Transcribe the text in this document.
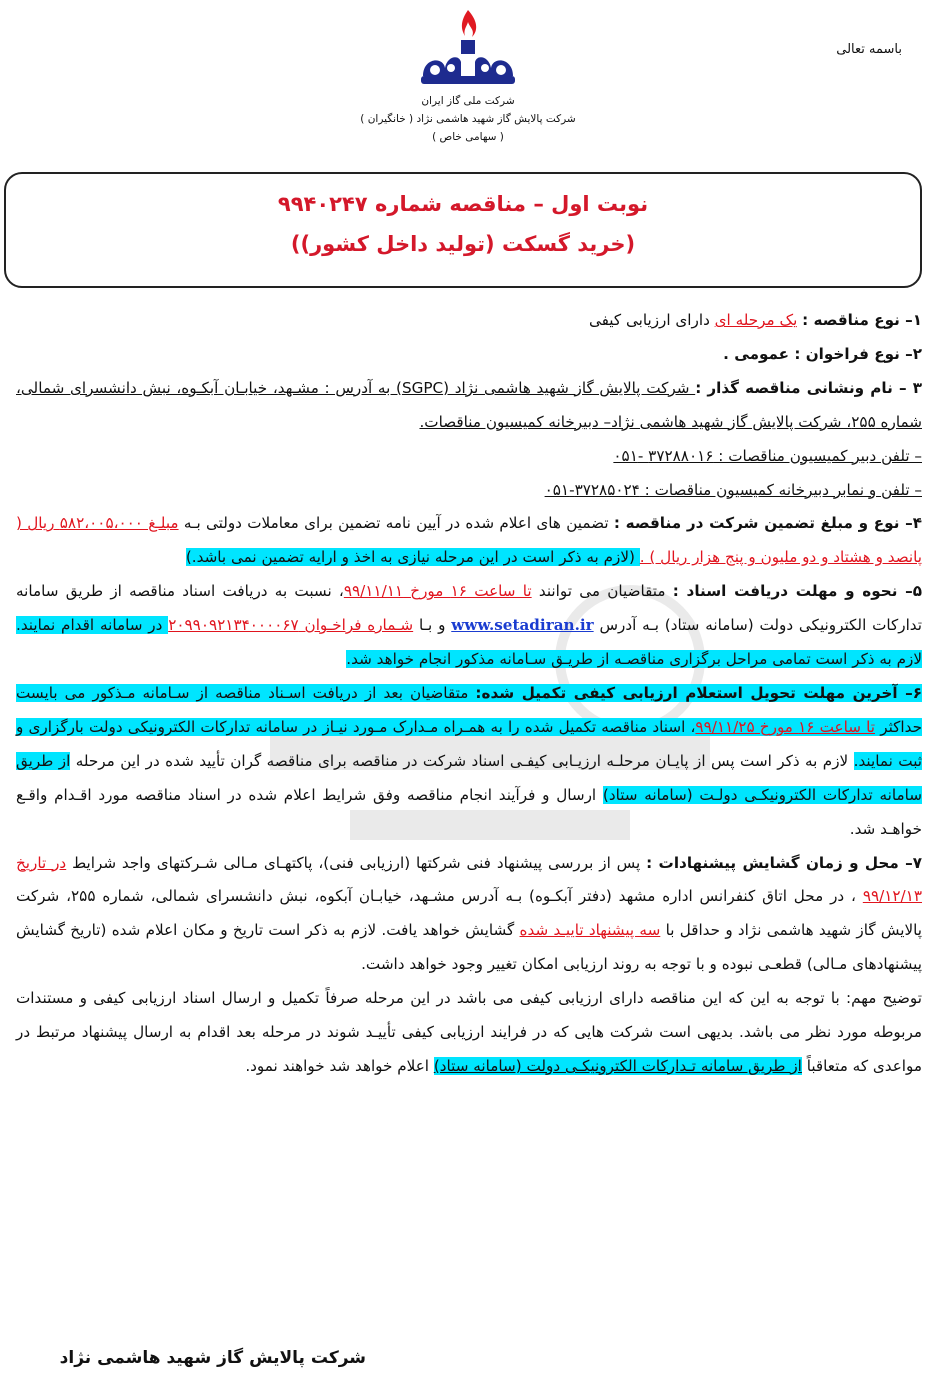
باسمه تعالی
شرکت ملی گاز ایران
شرکت پالایش گاز شهید هاشمی نژاد ( خانگیران )
( سهامی خاص )
نوبت اول – مناقصه شماره ۹۹۴۰۲۴۷
(خرید گسکت (تولید داخل کشور))
۱– نوع مناقصه : یک مرحله ای دارای ارزیابی کیفی
۲– نوع فراخوان : عمومی .
۳ – نام ونشانی مناقصه گذار : شرکت پالایش گاز شهید هاشمی نژاد (SGPC) به آدرس : مشـهد، خیابـان آبکـوه، نبش دانشسرای شمالی، شماره ۲۵۵، شرکت پالایش گاز شهید هاشمی نژاد– دبیرخانه کمیسیون مناقصات.
– تلفن دبیر کمیسیون مناقصات : ۳۷۲۸۸۰۱۶ -۰۵۱
– تلفن و نمابر دبیرخانه کمیسیون مناقصات : ۳۷۲۸۵۰۲۴-۰۵۱
۴– نوع و مبلغ تضمین شرکت در مناقصه : تضمین های اعلام شده در آیین نامه تضمین برای معاملات دولتی بـه مبلـغ ۵۸۲،۰۰۵،۰۰۰ ریال ( پانصد و هشتاد و دو ملیون و پنج هزار ریال ) . (لازم به ذکر است در این مرحله نیازی به اخذ و ارایه تضمین نمی باشد.)
۵– نحوه و مهلت دریافت اسناد : متقاضیان می توانند تا ساعت ۱۶ مورخ ۹۹/۱۱/۱۱، نسبت به دریافت اسناد مناقصه از طریق سامانه تدارکات الکترونیکی دولت (سامانه ستاد) بـه آدرس www.setadiran.ir و بـا شـماره فراخـوان ۲۰۹۹۰۹۲۱۳۴۰۰۰۰۶۷ در سامانه اقدام نمایند. لازم به ذکر است تمامی مراحل برگزاری مناقصـه از طریـق سـامانه مذکور انجام خواهد شد.
۶– آخرین مهلت تحویل استعلام ارزیابی کیفی تکمیل شده: متقاضیان بعد از دریافت اسـناد مناقصه از سـامانه مـذکور می بایست حداکثر تا ساعت ۱۶ مورخ ۹۹/۱۱/۲۵، اسناد مناقصه تکمیل شده را به همـراه مـدارک مـورد نیـاز در سامانه تدارکات الکترونیکی دولت بارگزاری و ثبت نمایند. لازم به ذکر است پس از پایـان مرحلـه ارزیـابی کیفـی اسناد شرکت در مناقصه برای مناقصه گران تأیید شده در این مرحله از طریق سامانه تدارکات الکترونیکـی دولـت (سامانه ستاد) ارسال و فرآیند انجام مناقصه وفق شرایط اعلام شده در اسناد مناقصه مورد اقـدام واقـع خواهـد شد.
۷– محل و زمان گشایش پیشنهادات : پس از بررسی پیشنهاد فنی شرکتها (ارزیابی فنی)، پاکتهـای مـالی شـرکتهای واجد شرایط در تاریخ ۹۹/۱۲/۱۳ ، در محل اتاق کنفرانس اداره مشهد (دفتر آبکـوه) بـه آدرس مشـهد، خیابـان آبکوه، نبش دانشسرای شمالی، شماره ۲۵۵، شرکت پالایش گاز شهید هاشمی نژاد و حداقل با سه پیشنهاد تاییـد شده گشایش خواهد یافت. لازم به ذکر است تاریخ و مکان اعلام شده (تاریخ گشایش پیشنهادهای مـالی) قطعـی نبوده و با توجه به روند ارزیابی امکان تغییر وجود خواهد داشت.
توضیح مهم: با توجه به این که این مناقصه دارای ارزیابی کیفی می باشد در این مرحله صرفاً تکمیل و ارسال اسناد ارزیابی کیفی و مستندات مربوطه مورد نظر می باشد. بدیهی است شرکت هایی که در فرایند ارزیابی کیفی تأییـد شوند در مرحله بعد اقدام به ارسال پیشنهاد مرتبط در مواعدی که متعاقباً از طریق سامانه تـدارکات الکترونیکـی دولت (سامانه ستاد) اعلام خواهد شد خواهند نمود.
شرکت پالایش گاز شهید هاشمی نژاد
